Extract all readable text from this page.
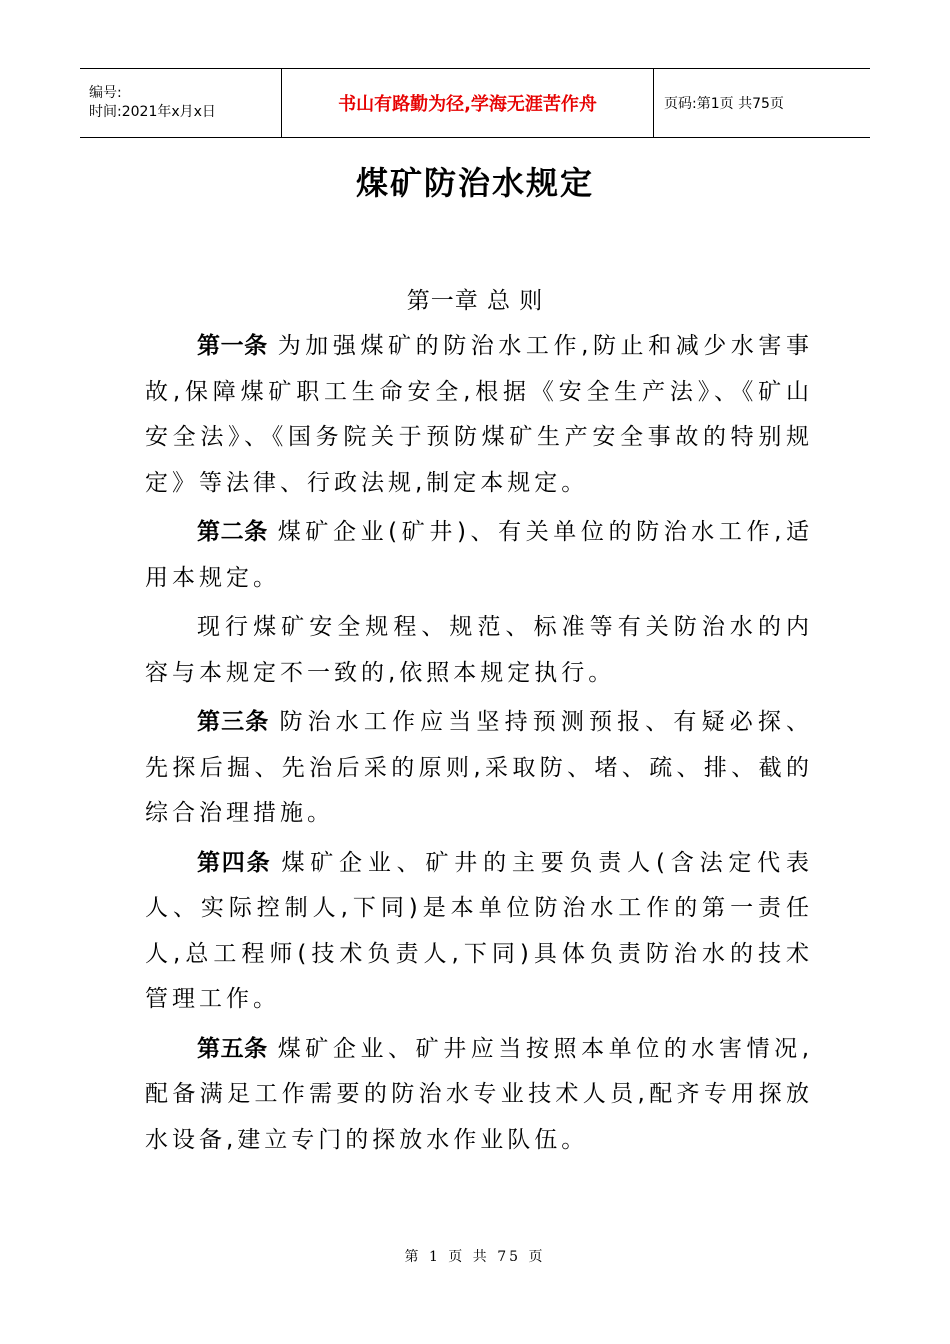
编号:
时间:2021年x月x日	书山有路勤为径,学海无涯苦作舟	页码:第1页 共75页
煤矿防治水规定
第一章 总 则

第一条 为加强煤矿的防治水工作,防止和减少水害事故,保障煤矿职工生命安全,根据《安全生产法》、《矿山安全法》、《国务院关于预防煤矿生产安全事故的特别规定》等法律、行政法规,制定本规定。

第二条 煤矿企业(矿井)、有关单位的防治水工作,适用本规定。

现行煤矿安全规程、规范、标准等有关防治水的内容与本规定不一致的,依照本规定执行。

第三条 防治水工作应当坚持预测预报、有疑必探、先探后掘、先治后采的原则,采取防、堵、疏、排、截的综合治理措施。

第四条 煤矿企业、矿井的主要负责人(含法定代表人、实际控制人,下同)是本单位防治水工作的第一责任人,总工程师(技术负责人,下同)具体负责防治水的技术管理工作。

第五条 煤矿企业、矿井应当按照本单位的水害情况,配备满足工作需要的防治水专业技术人员,配齐专用探放水设备,建立专门的探放水作业队伍。

第 1 页 共 75 页
